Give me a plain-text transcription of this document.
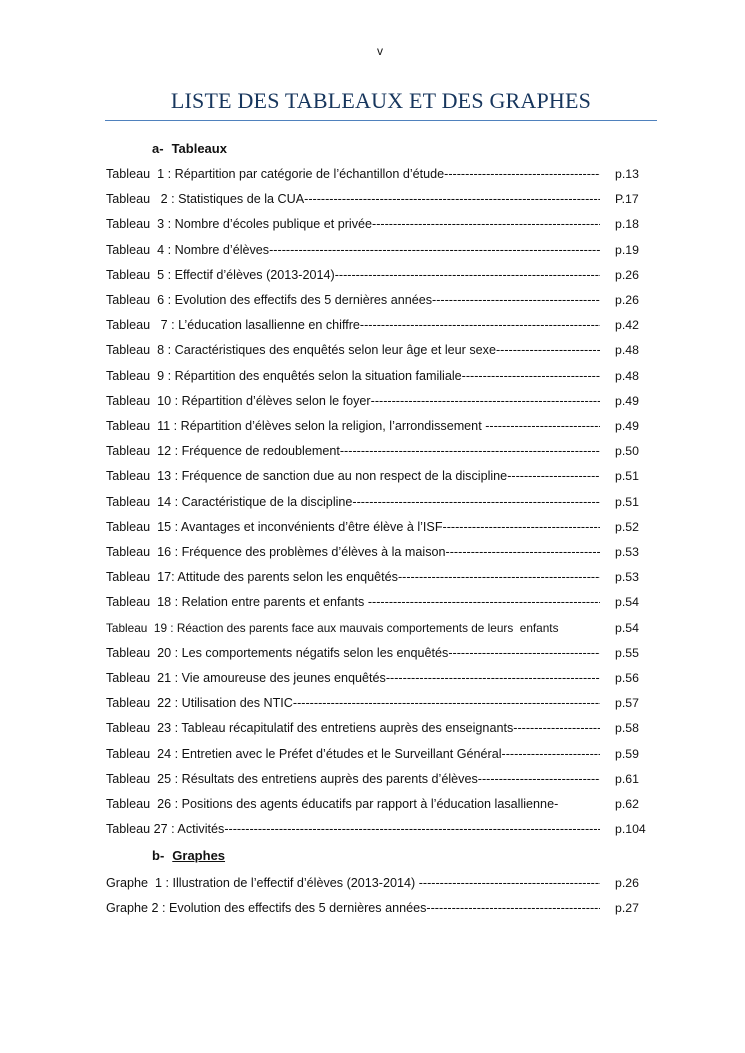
v
LISTE DES TABLEAUX ET DES GRAPHES
a- Tableaux
Tableau  1 : Répartition par catégorie de l’échantillon d’étude -----	p.13
Tableau   2 : Statistiques de la CUA -----	P.17
Tableau  3 : Nombre d’écoles publique et privée -----	p.18
Tableau  4 : Nombre d’élèves -----	p.19
Tableau  5 : Effectif d’élèves (2013-2014) -----	p.26
Tableau  6 : Evolution des effectifs des 5 dernières années -----	p.26
Tableau   7 : L’éducation lasallienne en chiffre -----	p.42
Tableau  8 : Caractéristiques des enquêtés selon leur âge et leur sexe -----	p.48
Tableau  9 : Répartition des enquêtés selon la situation familiale -----	p.48
Tableau  10 : Répartition d’élèves selon le foyer -----	p.49
Tableau  11 : Répartition d’élèves selon la religion, l’arrondissement -----	p.49
Tableau  12 : Fréquence de redoublement -----	p.50
Tableau  13 : Fréquence de sanction due au non respect de la discipline -----	p.51
Tableau  14 : Caractéristique de la discipline -----	p.51
Tableau  15 : Avantages et inconvénients d’être élève à l’ISF -----	p.52
Tableau  16 : Fréquence des problèmes d’élèves à la maison -----	p.53
Tableau  17: Attitude des parents selon les enquêtés -----	p.53
Tableau  18 : Relation entre parents et enfants -----	p.54
Tableau  19 : Réaction des parents face aux mauvais comportements de leurs  enfants	p.54
Tableau  20 : Les comportements négatifs selon les enquêtés -----	p.55
Tableau  21 : Vie amoureuse des jeunes enquêtés -----	p.56
Tableau  22 : Utilisation des NTIC -----	p.57
Tableau  23 : Tableau récapitulatif des entretiens auprès des enseignants -----	p.58
Tableau  24 : Entretien avec le Préfet d’études et le Surveillant Général -----	p.59
Tableau  25 : Résultats des entretiens auprès des parents d’élèves -----	p.61
Tableau  26 : Positions des agents éducatifs par rapport à l’éducation lasallienne-	p.62
Tableau 27 : Activités -----	p.104
b- Graphes
Graphe  1 : Illustration de l’effectif d’élèves (2013-2014) -----	p.26
Graphe 2 : Evolution des effectifs des 5 dernières années -----	p.27
